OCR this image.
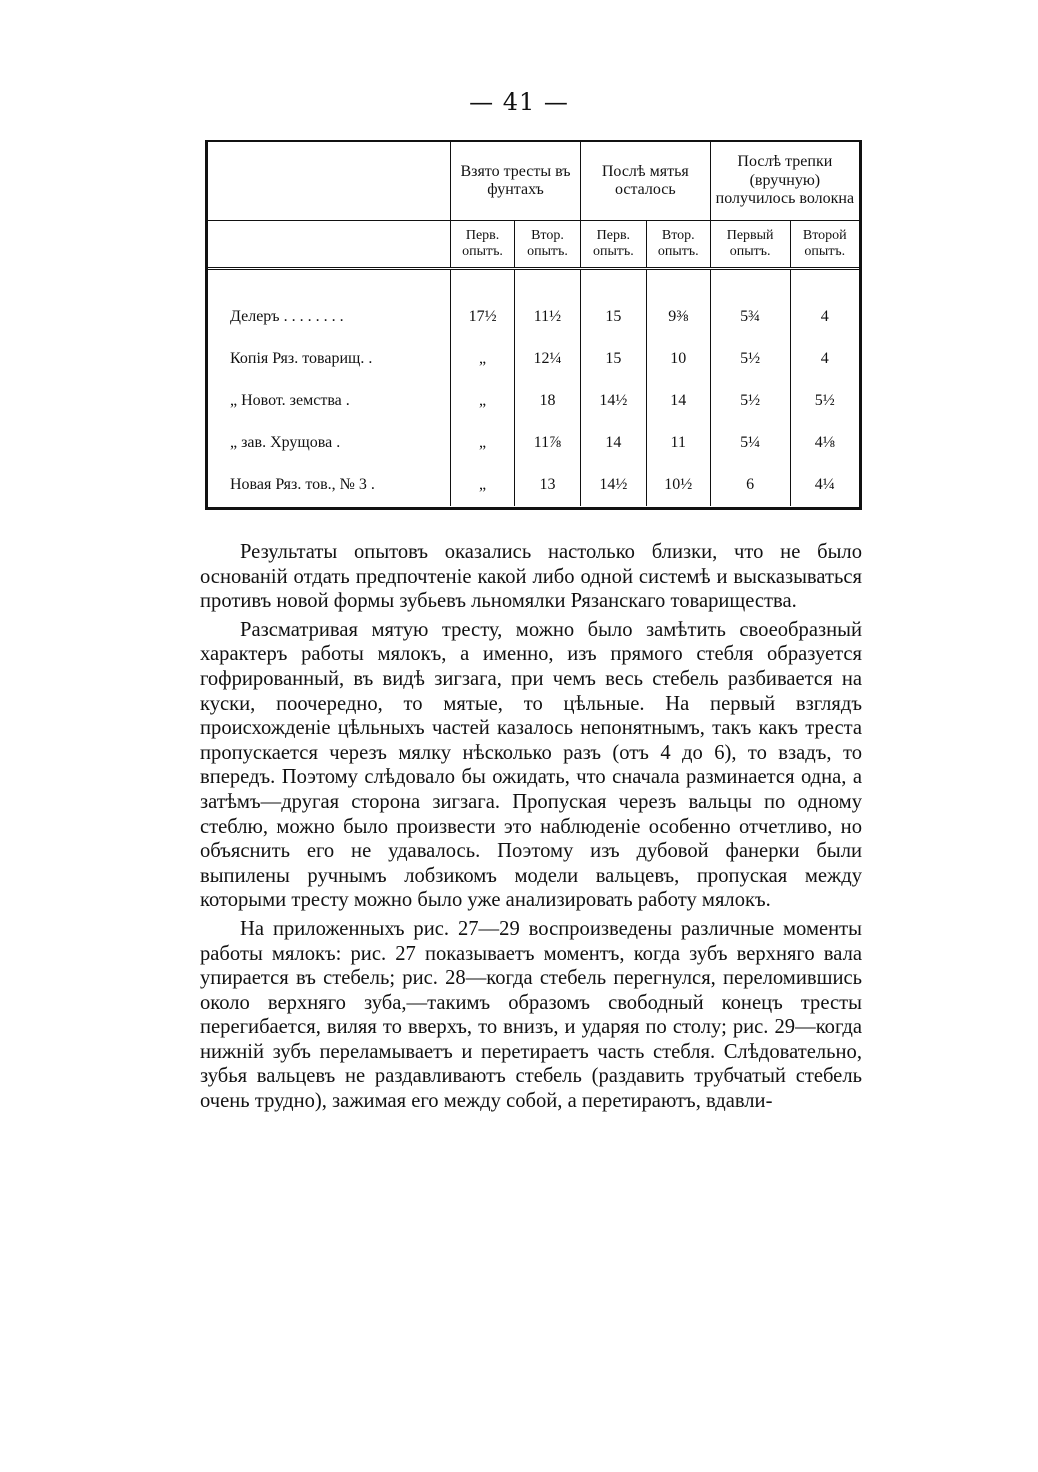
— 41 —
	Взято тресты въ фунтахъ		Послѣ мятья осталось		Послѣ трепки (вручную) получилось волокна	
	Перв. опытъ.	Втор. опытъ.	Перв. опытъ.	Втор. опытъ.	Первый опытъ.	Второй опытъ.
Делеръ . . . . . . . .	17½	11½	15	9⅜	5¾	4
Копія Ряз. товарищ. .	„	12¼	15	10	5½	4
„ Новот. земства .	„	18	14½	14	5½	5½
„ зав. Хрущова .	„	11⅞	14	11	5¼	4⅛
Новая Ряз. тов., № 3 .	„	13	14½	10½	6	4¼

Результаты опытовъ оказались настолько близки, что не было основаній отдать предпочтеніе какой либо одной системѣ и высказываться противъ новой формы зубьевъ льномялки Рязанскаго товарищества.

Разсматривая мятую тресту, можно было замѣтить своеобразный характеръ работы мялокъ, а именно, изъ прямого стебля образуется гофрированный, въ видѣ зигзага, при чемъ весь стебель разбивается на куски, поочередно, то мятые, то цѣльные. На первый взглядъ происхожденіе цѣльныхъ частей казалось непонятнымъ, такъ какъ треста пропускается черезъ мялку нѣсколько разъ (отъ 4 до 6), то взадъ, то впередъ. Поэтому слѣдовало бы ожидать, что сначала разминается одна, а затѣмъ—другая сторона зигзага. Пропуская черезъ вальцы по одному стеблю, можно было произвести это наблюденіе особенно отчетливо, но объяснить его не удавалось. Поэтому изъ дубовой фанерки были выпилены ручнымъ лобзикомъ модели вальцевъ, пропуская между которыми тресту можно было уже анализировать работу мялокъ.

На приложенныхъ рис. 27—29 воспроизведены различные моменты работы мялокъ: рис. 27 показываетъ моментъ, когда зубъ верхняго вала упирается въ стебель; рис. 28—когда стебель перегнулся, переломившись около верхняго зуба,—такимъ образомъ свободный конецъ тресты перегибается, виляя то вверхъ, то внизъ, и ударяя по столу; рис. 29—когда нижній зубъ переламываетъ и перетираетъ часть стебля. Слѣдовательно, зубья вальцевъ не раздавливаютъ стебель (раздавить трубчатый стебель очень трудно), зажимая его между собой, а перетираютъ, вдавли-
